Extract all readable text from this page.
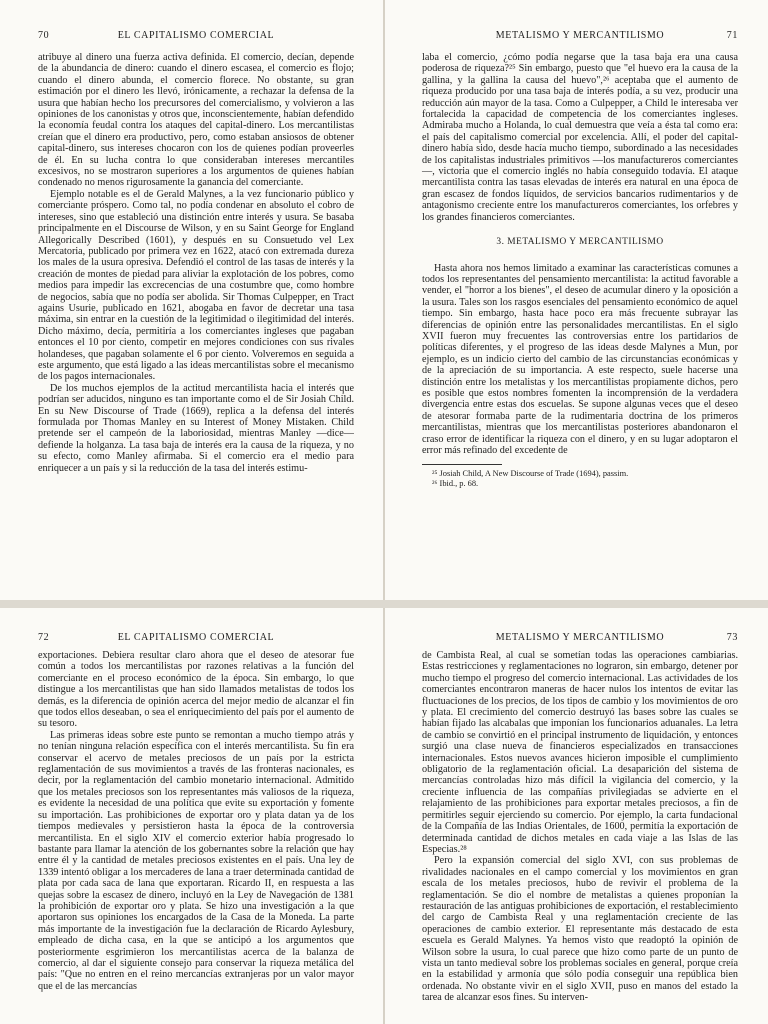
70	EL CAPITALISMO COMERCIAL

atribuye al dinero una fuerza activa definida. El comercio, decían, depende de la abundancia de dinero: cuando el dinero escasea, el comercio es flojo; cuando el dinero abunda, el comercio florece. No obstante, su gran estimación por el dinero les llevó, irónicamente, a rechazar la defensa de la usura que habían hecho los precursores del comercialismo, y volvieron a las opiniones de los canonistas y otros que, inconscientemente, habían defendido la economía feudal contra los ataques del capital-dinero. Los mercantilistas creían que el dinero era productivo, pero, como estaban ansiosos de obtener capital-dinero, sus intereses chocaron con los de quienes podían proveerles de él. En su lucha contra lo que consideraban intereses mercantiles excesivos, no se mostraron superiores a los argumentos de quienes habían condenado no menos rigurosamente la ganancia del comerciante.

Ejemplo notable es el de Gerald Malynes, a la vez funcionario público y comerciante próspero. Como tal, no podía condenar en absoluto el cobro de intereses, sino que estableció una distinción entre interés y usura. Se basaba principalmente en el Discourse de Wilson, y en su Saint George for England Allegorically Described (1601), y después en su Consuetudo vel Lex Mercatoria, publicado por primera vez en 1622, atacó con extremada dureza los males de la usura opresiva. Defendió el control de las tasas de interés y la creación de montes de piedad para aliviar la explotación de los pobres, como medios para impedir las excrecencias de una costumbre que, como hombre de negocios, sabía que no podía ser abolida. Sir Thomas Culpepper, en Tract agains Usurie, publicado en 1621, abogaba en favor de decretar una tasa máxima, sin entrar en la cuestión de la legitimidad o ilegitimidad del interés. Dicho máximo, decía, permitiría a los comerciantes ingleses que pagaban entonces el 10 por ciento, competir en mejores condiciones con sus rivales holandeses, que pagaban solamente el 6 por ciento. Volveremos en seguida a este argumento, que está ligado a las ideas mercantilistas sobre el mecanismo de los pagos internacionales.

De los muchos ejemplos de la actitud mercantilista hacia el interés que podrían ser aducidos, ninguno es tan importante como el de Sir Josiah Child. En su New Discourse of Trade (1669), replica a la defensa del interés formulada por Thomas Manley en su Interest of Money Mistaken. Child pretende ser el campeón de la laboriosidad, mientras Manley —dice— defiende la holganza. La tasa baja de interés era la causa de la riqueza, y no su efecto, como Manley afirmaba. Si el comercio era el medio para enriquecer a un país y si la reducción de la tasa del interés estimu-

METALISMO Y MERCANTILISMO	71

laba el comercio, ¿cómo podía negarse que la tasa baja era una causa poderosa de riqueza?²⁵ Sin embargo, puesto que "el huevo era la causa de la gallina, y la gallina la causa del huevo",²⁶ aceptaba que el aumento de riqueza producido por una tasa baja de interés podía, a su vez, producir una reducción aún mayor de la tasa. Como a Culpepper, a Child le interesaba ver fortalecida la capacidad de competencia de los comerciantes ingleses. Admiraba mucho a Holanda, lo cual demuestra que veía a ésta tal como era: el país del capitalismo comercial por excelencia. Allí, el poder del capital-dinero había sido, desde hacía mucho tiempo, subordinado a las necesidades de los capitalistas industriales primitivos —los manufactureros comerciantes—, victoria que el comercio inglés no había conseguido todavía. El ataque mercantilista contra las tasas elevadas de interés era natural en una época de gran escasez de fondos líquidos, de servicios bancarios rudimentarios y de antagonismo creciente entre los manufactureros comerciantes, los orfebres y los grandes financieros comerciantes.

3. METALISMO Y MERCANTILISMO

Hasta ahora nos hemos limitado a examinar las características comunes a todos los representantes del pensamiento mercantilista: la actitud favorable a vender, el "horror a los bienes", el deseo de acumular dinero y la oposición a la usura. Tales son los rasgos esenciales del pensamiento económico de aquel tiempo. Sin embargo, hasta hace poco era más frecuente subrayar las diferencias de opinión entre las personalidades mercantilistas. En el siglo XVII fueron muy frecuentes las controversias entre los partidarios de políticas diferentes, y el progreso de las ideas desde Malynes a Mun, por ejemplo, es un indicio cierto del cambio de las circunstancias económicas y de la apreciación de su importancia. A este respecto, suele hacerse una distinción entre los metalistas y los mercantilistas propiamente dichos, pero es posible que estos nombres fomenten la incomprensión de la verdadera divergencia entre estas dos escuelas. Se supone algunas veces que el deseo de atesorar formaba parte de la rudimentaria doctrina de los primeros mercantilistas, mientras que los mercantilistas posteriores abandonaron el craso error de identificar la riqueza con el dinero, y en su lugar adoptaron el error más refinado del excedente de

²⁵ Josiah Child, A New Discourse of Trade (1694), passim.
²⁶ Ibid., p. 68.
72	EL CAPITALISMO COMERCIAL

exportaciones. Debiera resultar claro ahora que el deseo de atesorar fue común a todos los mercantilistas por razones relativas a la función del comerciante en el proceso económico de la época. Sin embargo, lo que distingue a los mercantilistas que han sido llamados metalistas de todos los demás, es la diferencia de opinión acerca del mejor medio de alcanzar el fin que todos ellos deseaban, o sea el enriquecimiento del país por el aumento de su tesoro.

Las primeras ideas sobre este punto se remontan a mucho tiempo atrás y no tenían ninguna relación específica con el interés mercantilista. Su fin era conservar el acervo de metales preciosos de un país por la estricta reglamentación de sus movimientos a través de las fronteras nacionales, es decir, por la reglamentación del cambio monetario internacional. Admitido que los metales preciosos son los representantes más valiosos de la riqueza, es evidente la necesidad de una política que evite su exportación y fomente su importación. Las prohibiciones de exportar oro y plata datan ya de los tiempos medievales y persistieron hasta la época de la controversia mercantilista. En el siglo XIV el comercio exterior había progresado lo bastante para llamar la atención de los gobernantes sobre la relación que hay entre él y la cantidad de metales preciosos existentes en el país. Una ley de 1339 intentó obligar a los mercaderes de lana a traer determinada cantidad de plata por cada saca de lana que exportaran. Ricardo II, en respuesta a las quejas sobre la escasez de dinero, incluyó en la Ley de Navegación de 1381 la prohibición de exportar oro y plata. Se hizo una investigación a la que aportaron sus opiniones los encargados de la Casa de la Moneda. La parte más importante de la investigación fue la declaración de Ricardo Aylesbury, empleado de dicha casa, en la que se anticipó a los argumentos que posteriormente esgrimieron los mercantilistas acerca de la balanza de comercio, al dar el siguiente consejo para conservar la riqueza metálica del país: "Que no entren en el reino mercancías extranjeras por un valor mayor que el de las mercancías

METALISMO Y MERCANTILISMO	73

de Cambista Real, al cual se sometían todas las operaciones cambiarias. Estas restricciones y reglamentaciones no lograron, sin embargo, detener por mucho tiempo el progreso del comercio internacional. Las actividades de los comerciantes encontraron maneras de hacer nulos los intentos de evitar las fluctuaciones de los precios, de los tipos de cambio y los movimientos de oro y plata. El crecimiento del comercio destruyó las bases sobre las cuales se habían fijado las alcabalas que imponían los funcionarios aduanales. La letra de cambio se convirtió en el principal instrumento de liquidación, y entonces surgió una clase nueva de financieros especializados en transacciones internacionales. Estos nuevos avances hicieron imposible el cumplimiento obligatorio de la reglamentación oficial. La desaparición del sistema de mercancías controladas hizo más difícil la vigilancia del comercio, y la creciente influencia de las compañías privilegiadas se advierte en el relajamiento de las prohibiciones para exportar metales preciosos, a fin de permitirles seguir ejerciendo su comercio. Por ejemplo, la carta fundacional de la Compañía de las Indias Orientales, de 1600, permitía la exportación de determinada cantidad de dichos metales en cada viaje a las Islas de las Especias.²⁸

Pero la expansión comercial del siglo XVI, con sus problemas de rivalidades nacionales en el campo comercial y los movimientos en gran escala de los metales preciosos, hubo de revivir el problema de la reglamentación. Se dio el nombre de metalistas a quienes proponían la restauración de las antiguas prohibiciones de exportación, el restablecimiento del cargo de Cambista Real y una reglamentación creciente de las operaciones de cambio exterior. El representante más destacado de esta escuela es Gerald Malynes. Ya hemos visto que readoptó la opinión de Wilson sobre la usura, lo cual parece que hizo como parte de un punto de vista un tanto medieval sobre los problemas sociales en general, porque creía en la estabilidad y armonía que sólo podía conseguir una república bien ordenada. No obstante vivir en el siglo XVII, puso en manos del estado la tarea de alcanzar esos fines. Su interven-
